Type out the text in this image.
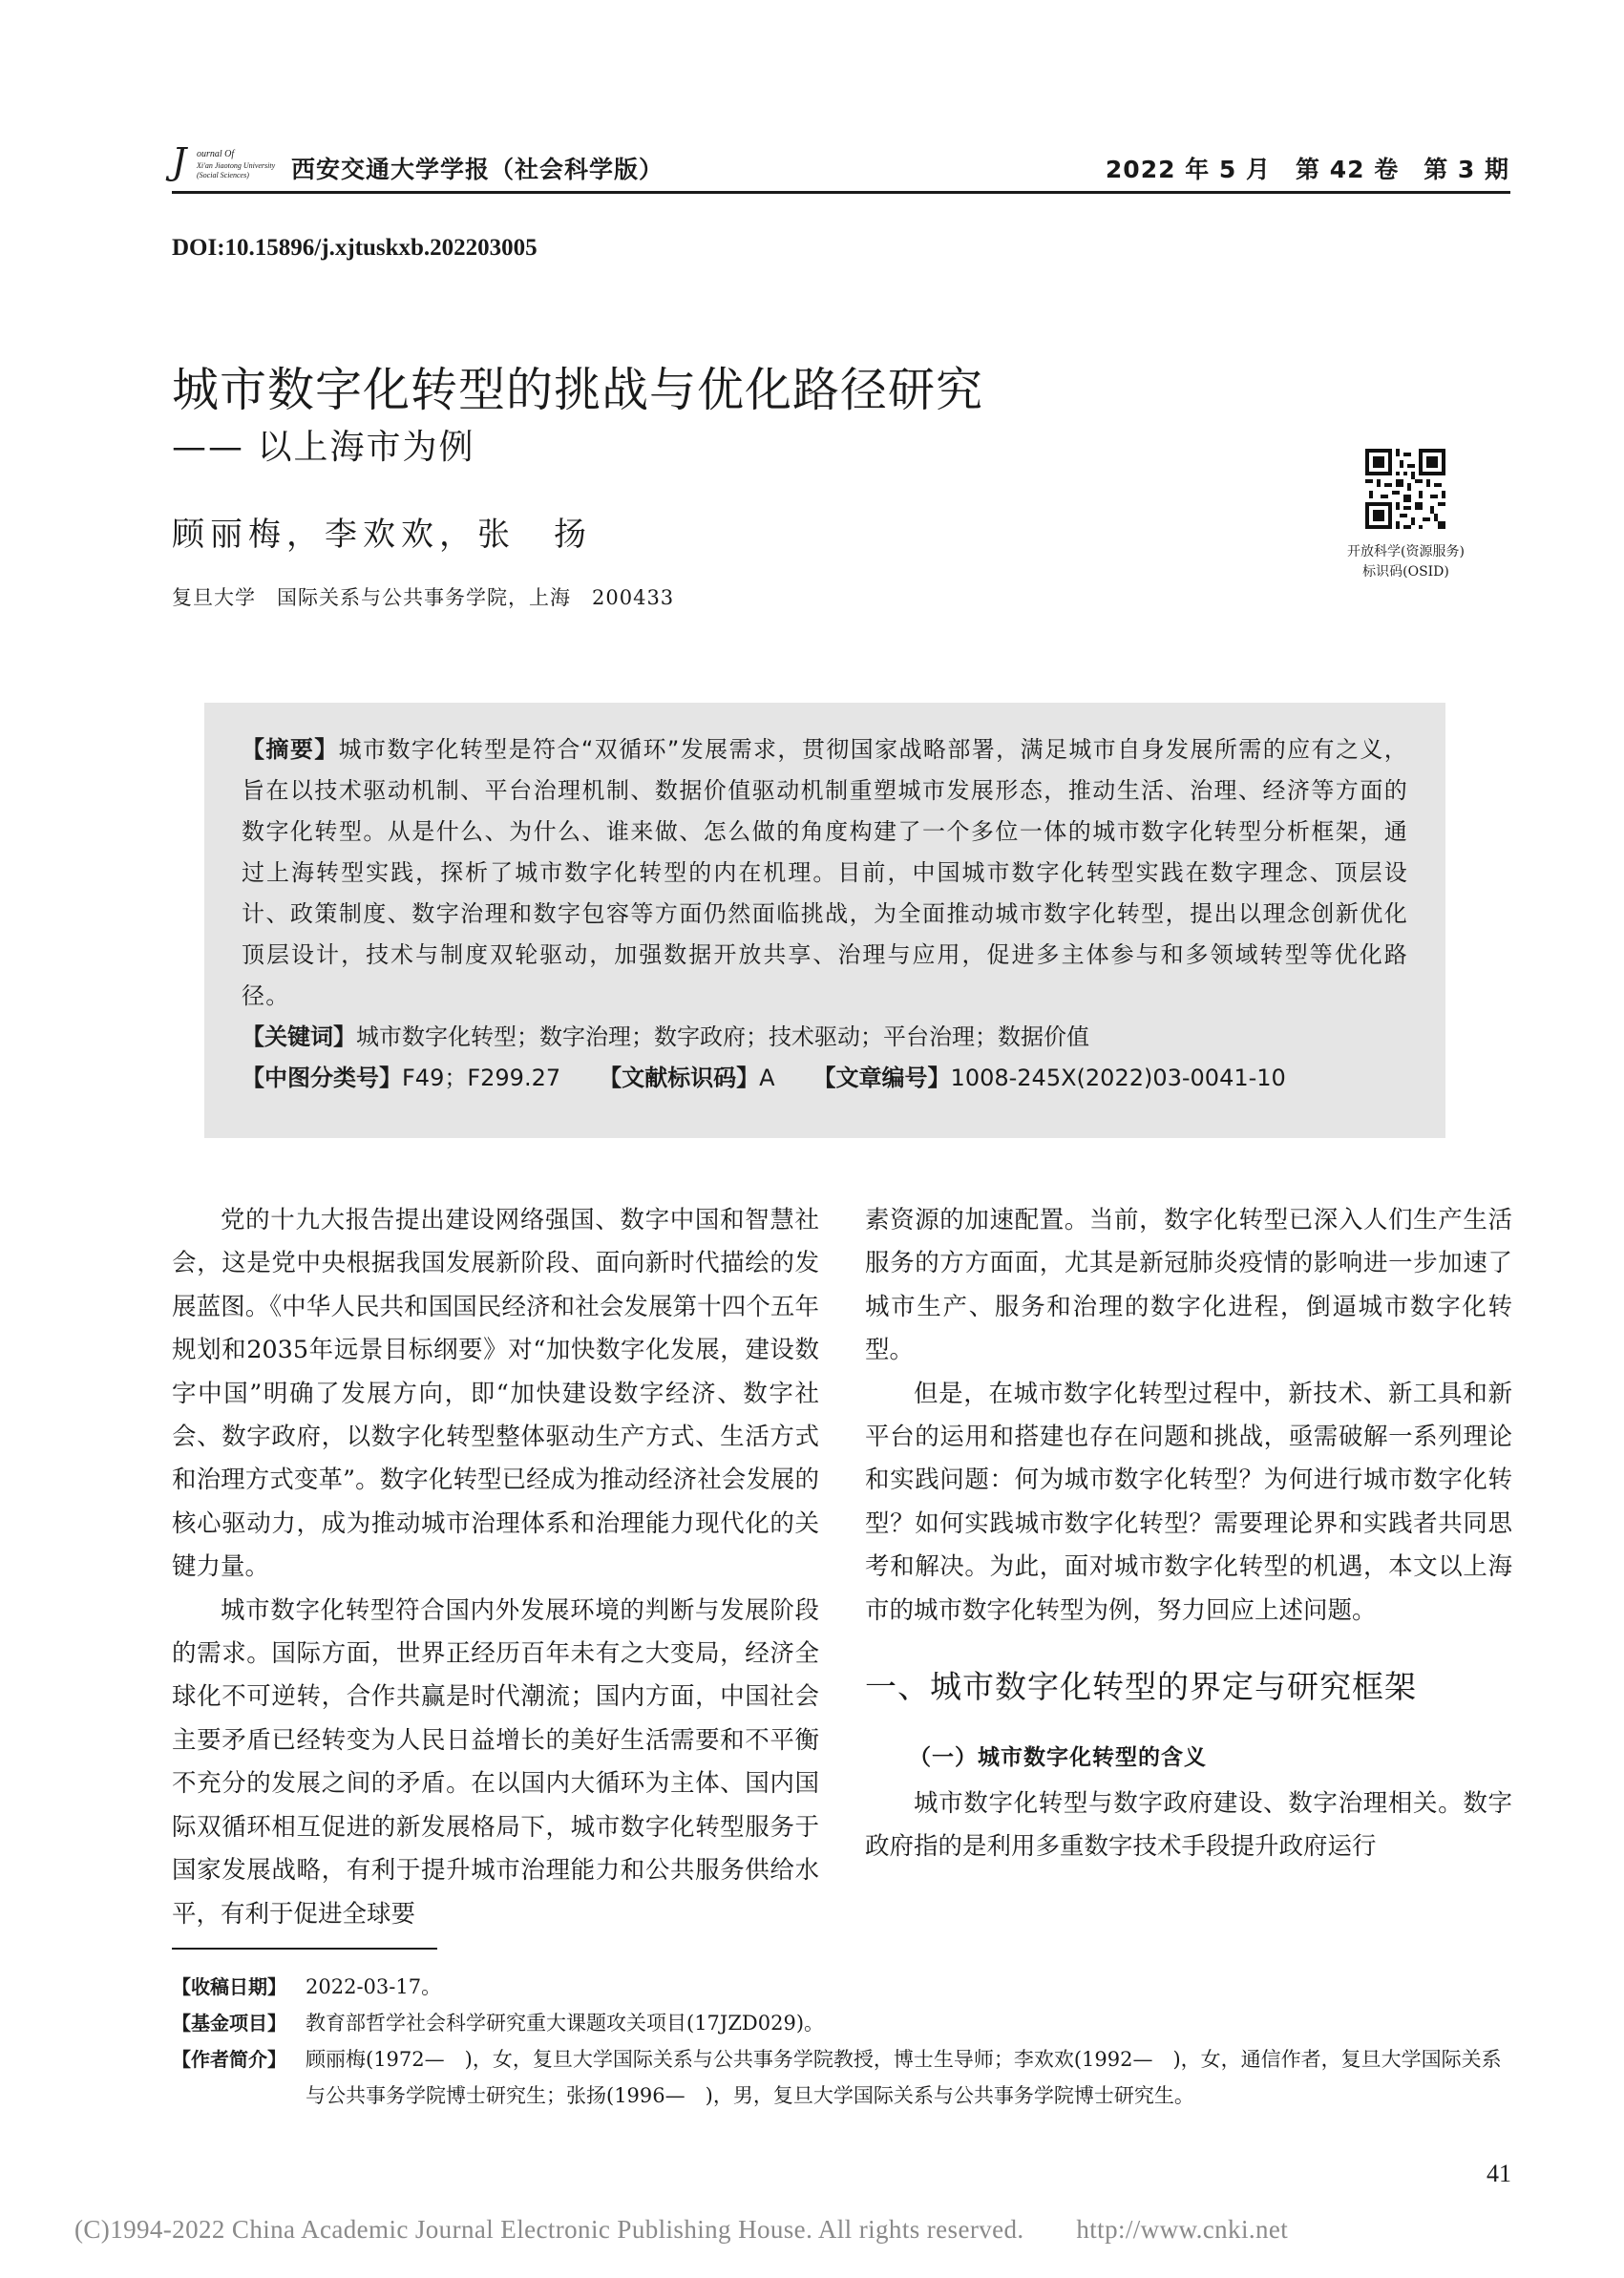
J ournal Of
Xi'an Jiaotong University
(Social Sciences) 西安交通大学学报（社会科学版）	2022 年 5 月　第 42 卷　第 3 期
DOI:10.15896/j.xjtuskxb.202203005
城市数字化转型的挑战与优化路径研究
—— 以上海市为例
顾丽梅，李欢欢，张　扬
复旦大学　国际关系与公共事务学院，上海　200433
开放科学(资源服务)
标识码(OSID)

【摘要】城市数字化转型是符合“双循环”发展需求，贯彻国家战略部署，满足城市自身发展所需的应有之义，旨在以技术驱动机制、平台治理机制、数据价值驱动机制重塑城市发展形态，推动生活、治理、经济等方面的数字化转型。从是什么、为什么、谁来做、怎么做的角度构建了一个多位一体的城市数字化转型分析框架，通过上海转型实践，探析了城市数字化转型的内在机理。目前，中国城市数字化转型实践在数字理念、顶层设计、政策制度、数字治理和数字包容等方面仍然面临挑战，为全面推动城市数字化转型，提出以理念创新优化顶层设计，技术与制度双轮驱动，加强数据开放共享、治理与应用，促进多主体参与和多领域转型等优化路径。

【关键词】城市数字化转型；数字治理；数字政府；技术驱动；平台治理；数据价值

【中图分类号】F49；F299.27 【文献标识码】A 【文章编号】1008-245X(2022)03-0041-10

党的十九大报告提出建设网络强国、数字中国和智慧社会，这是党中央根据我国发展新阶段、面向新时代描绘的发展蓝图。《中华人民共和国国民经济和社会发展第十四个五年规划和2035年远景目标纲要》对“加快数字化发展，建设数字中国”明确了发展方向，即“加快建设数字经济、数字社会、数字政府，以数字化转型整体驱动生产方式、生活方式和治理方式变革”。数字化转型已经成为推动经济社会发展的核心驱动力，成为推动城市治理体系和治理能力现代化的关键力量。

城市数字化转型符合国内外发展环境的判断与发展阶段的需求。国际方面，世界正经历百年未有之大变局，经济全球化不可逆转，合作共赢是时代潮流；国内方面，中国社会主要矛盾已经转变为人民日益增长的美好生活需要和不平衡不充分的发展之间的矛盾。在以国内大循环为主体、国内国际双循环相互促进的新发展格局下，城市数字化转型服务于国家发展战略，有利于提升城市治理能力和公共服务供给水平，有利于促进全球要

素资源的加速配置。当前，数字化转型已深入人们生产生活服务的方方面面，尤其是新冠肺炎疫情的影响进一步加速了城市生产、服务和治理的数字化进程，倒逼城市数字化转型。

但是，在城市数字化转型过程中，新技术、新工具和新平台的运用和搭建也存在问题和挑战，亟需破解一系列理论和实践问题：何为城市数字化转型？为何进行城市数字化转型？如何实践城市数字化转型？需要理论界和实践者共同思考和解决。为此，面对城市数字化转型的机遇，本文以上海市的城市数字化转型为例，努力回应上述问题。

一、城市数字化转型的界定与研究框架
（一）城市数字化转型的含义

城市数字化转型与数字政府建设、数字治理相关。数字政府指的是利用多重数字技术手段提升政府运行

【收稿日期】 2022-03-17。
【基金项目】 教育部哲学社会科学研究重大课题攻关项目(17JZD029)。
【作者简介】 顾丽梅(1972—　)，女，复旦大学国际关系与公共事务学院教授，博士生导师；李欢欢(1992—　)，女，通信作者，复旦大学国际关系与公共事务学院博士研究生；张扬(1996—　)，男，复旦大学国际关系与公共事务学院博士研究生。
41
(C)1994-2022 China Academic Journal Electronic Publishing House. All rights reserved.　　http://www.cnki.net
